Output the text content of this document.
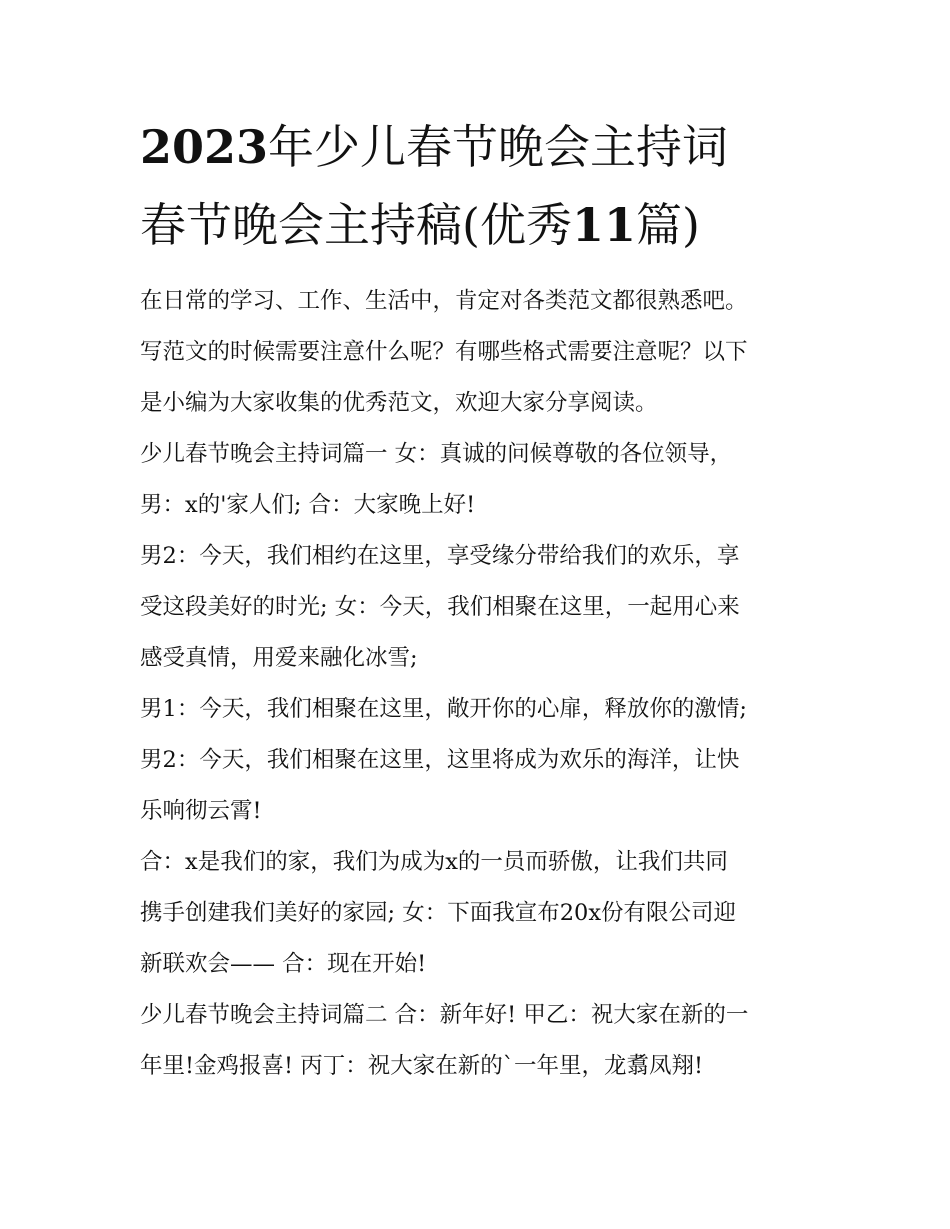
2023年少儿春节晚会主持词
春节晚会主持稿(优秀11篇)
在日常的学习、工作、生活中，肯定对各类范文都很熟悉吧。
写范文的时候需要注意什么呢？有哪些格式需要注意呢？以下
是小编为大家收集的优秀范文，欢迎大家分享阅读。
少儿春节晚会主持词篇一 女：真诚的问候尊敬的各位领导，
男：x的'家人们; 合：大家晚上好!
男2：今天，我们相约在这里，享受缘分带给我们的欢乐，享
受这段美好的时光; 女：今天，我们相聚在这里，一起用心来
感受真情，用爱来融化冰雪;
男1：今天，我们相聚在这里，敞开你的心扉，释放你的激情;
男2：今天，我们相聚在这里，这里将成为欢乐的海洋，让快
乐响彻云霄!
合：x是我们的家，我们为成为x的一员而骄傲，让我们共同
携手创建我们美好的家园; 女：下面我宣布20x份有限公司迎
新联欢会—— 合：现在开始!
少儿春节晚会主持词篇二 合：新年好! 甲乙：祝大家在新的一
年里!金鸡报喜! 丙丁：祝大家在新的`一年里，龙翥凤翔!
